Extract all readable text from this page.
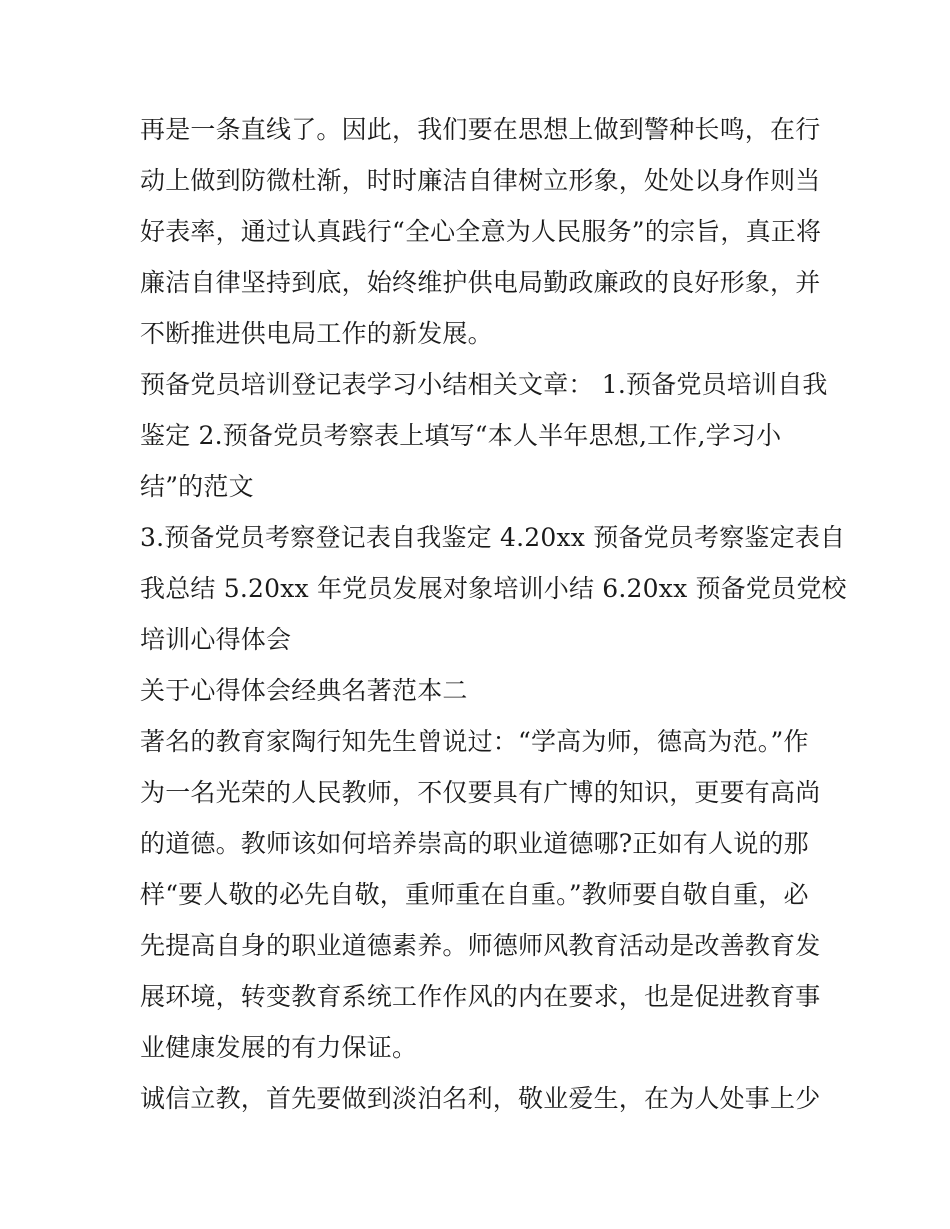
再是一条直线了。因此，我们要在思想上做到警种长鸣，在行
动上做到防微杜渐，时时廉洁自律树立形象，处处以身作则当
好表率，通过认真践行“全心全意为人民服务”的宗旨，真正将
廉洁自律坚持到底，始终维护供电局勤政廉政的良好形象，并
不断推进供电局工作的新发展。
预备党员培训登记表学习小结相关文章： 1.预备党员培训自我
鉴定 2.预备党员考察表上填写“本人半年思想,工作,学习小
结”的范文
3.预备党员考察登记表自我鉴定 4.20xx 预备党员考察鉴定表自
我总结 5.20xx 年党员发展对象培训小结 6.20xx 预备党员党校
培训心得体会
关于心得体会经典名著范本二
著名的教育家陶行知先生曾说过：“学高为师，德高为范。”作
为一名光荣的人民教师，不仅要具有广博的知识，更要有高尚
的道德。教师该如何培养崇高的职业道德哪?正如有人说的那
样“要人敬的必先自敬，重师重在自重。”教师要自敬自重，必
先提高自身的职业道德素养。师德师风教育活动是改善教育发
展环境，转变教育系统工作作风的内在要求，也是促进教育事
业健康发展的有力保证。
诚信立教，首先要做到淡泊名利，敬业爱生，在为人处事上少
